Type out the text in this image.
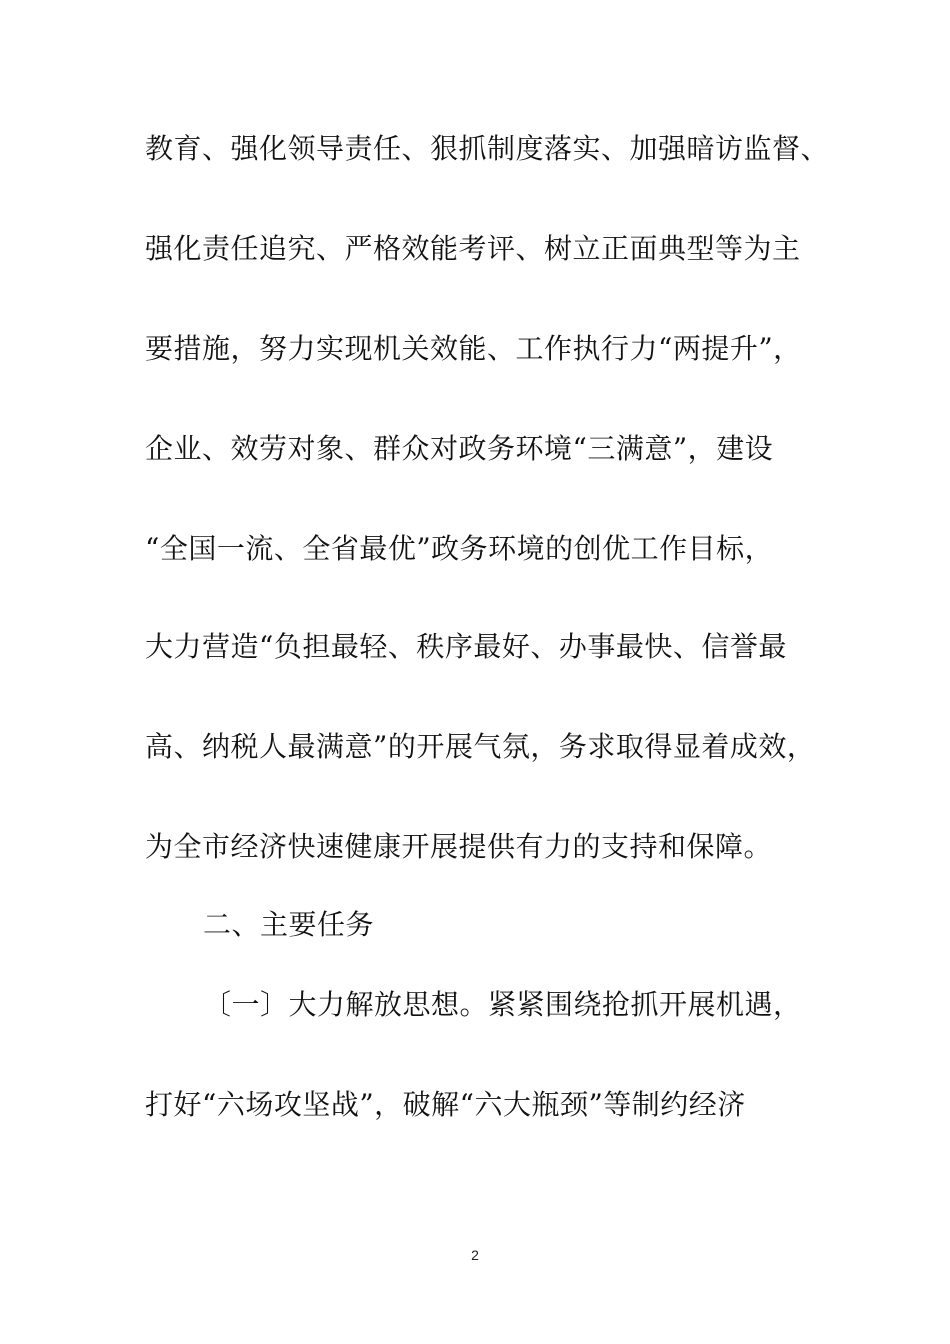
教育、强化领导责任、狠抓制度落实、加强暗访监督、
强化责任追究、严格效能考评、树立正面典型等为主
要措施，努力实现机关效能、工作执行力“两提升”，
企业、效劳对象、群众对政务环境“三满意”，建设
“全国一流、全省最优”政务环境的创优工作目标，
大力营造“负担最轻、秩序最好、办事最快、信誉最
高、纳税人最满意”的开展气氛，务求取得显着成效，
为全市经济快速健康开展提供有力的支持和保障。
二、主要任务
〔一〕大力解放思想。紧紧围绕抢抓开展机遇，
打好“六场攻坚战”，破解“六大瓶颈”等制约经济
2
